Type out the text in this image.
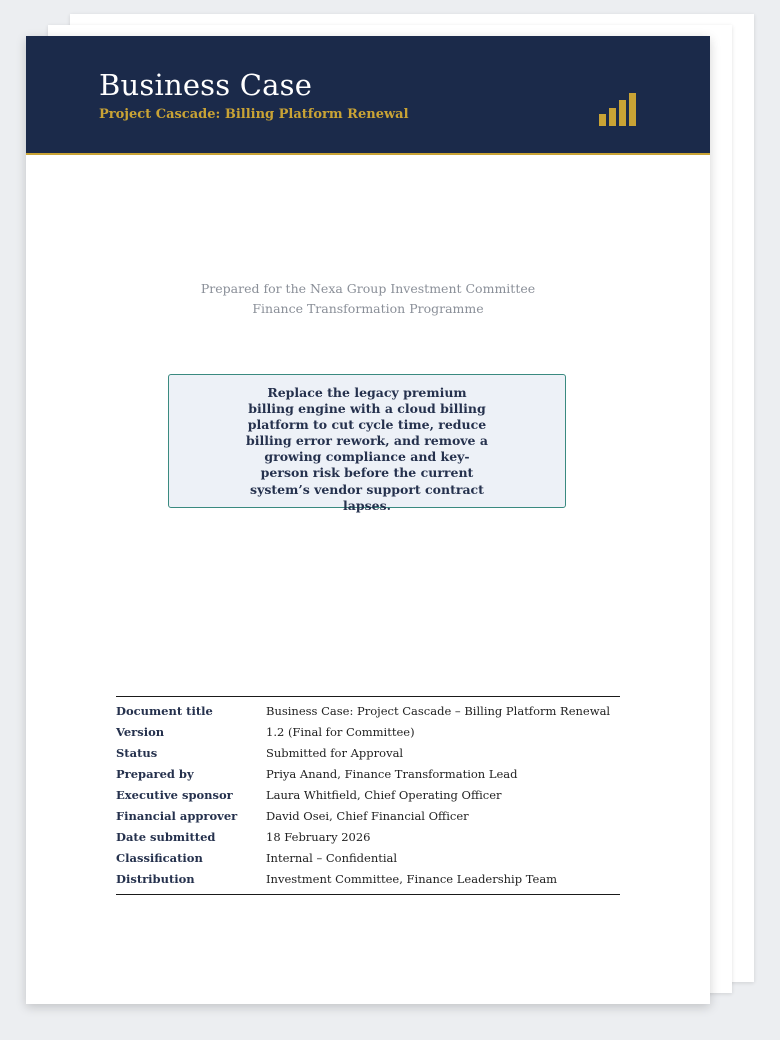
Business Case
Project Cascade: Billing Platform Renewal
Prepared for the Nexa Group Investment Committee
Finance Transformation Programme

Replace the legacy premium billing engine with a cloud billing platform to cut cycle time, reduce billing error rework, and remove a growing compliance and key-person risk before the current system’s vendor support contract lapses.

Document title	Business Case: Project Cascade – Billing Platform Renewal
Version	1.2 (Final for Committee)
Status	Submitted for Approval
Prepared by	Priya Anand, Finance Transformation Lead
Executive sponsor	Laura Whitfield, Chief Operating Officer
Financial approver	David Osei, Chief Financial Officer
Date submitted	18 February 2026
Classification	Internal – Confidential
Distribution	Investment Committee, Finance Leadership Team
